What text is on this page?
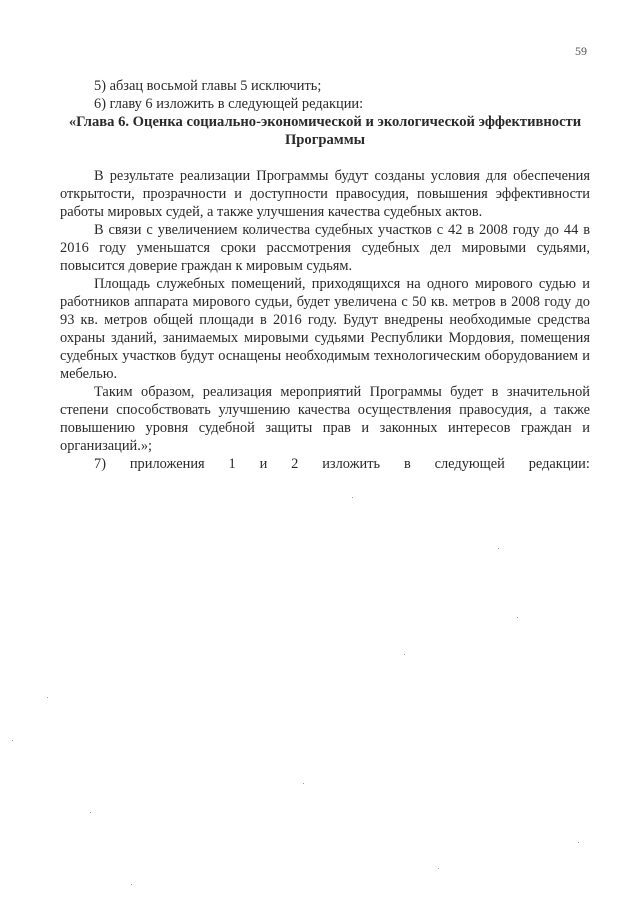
59

5) абзац восьмой главы 5 исключить;

6) главу 6 изложить в следующей редакции:

«Глава 6. Оценка социально-экономической и экологической эффективности Программы

В результате реализации Программы будут созданы условия для обеспечения открытости, прозрачности и доступности правосудия, повышения эффективности работы мировых судей, а также улучшения качества судебных актов.

В связи с увеличением количества судебных участков с 42 в 2008 году до 44 в 2016 году уменьшатся сроки рассмотрения судебных дел мировыми судьями, повысится доверие граждан к мировым судьям.

Площадь служебных помещений, приходящихся на одного мирового судью и работников аппарата мирового судьи, будет увеличена с 50 кв. метров в 2008 году до 93 кв. метров общей площади в 2016 году. Будут внедрены необходимые средства охраны зданий, занимаемых мировыми судьями Республики Мордовия, помещения судебных участков будут оснащены необходимым технологическим оборудованием и мебелью.

Таким образом, реализация мероприятий Программы будет в значительной степени способствовать улучшению качества осуществления правосудия, а также повышению уровня судебной защиты прав и законных интересов граждан и организаций.»;

7) приложения 1 и 2 изложить в следующей редакции:
